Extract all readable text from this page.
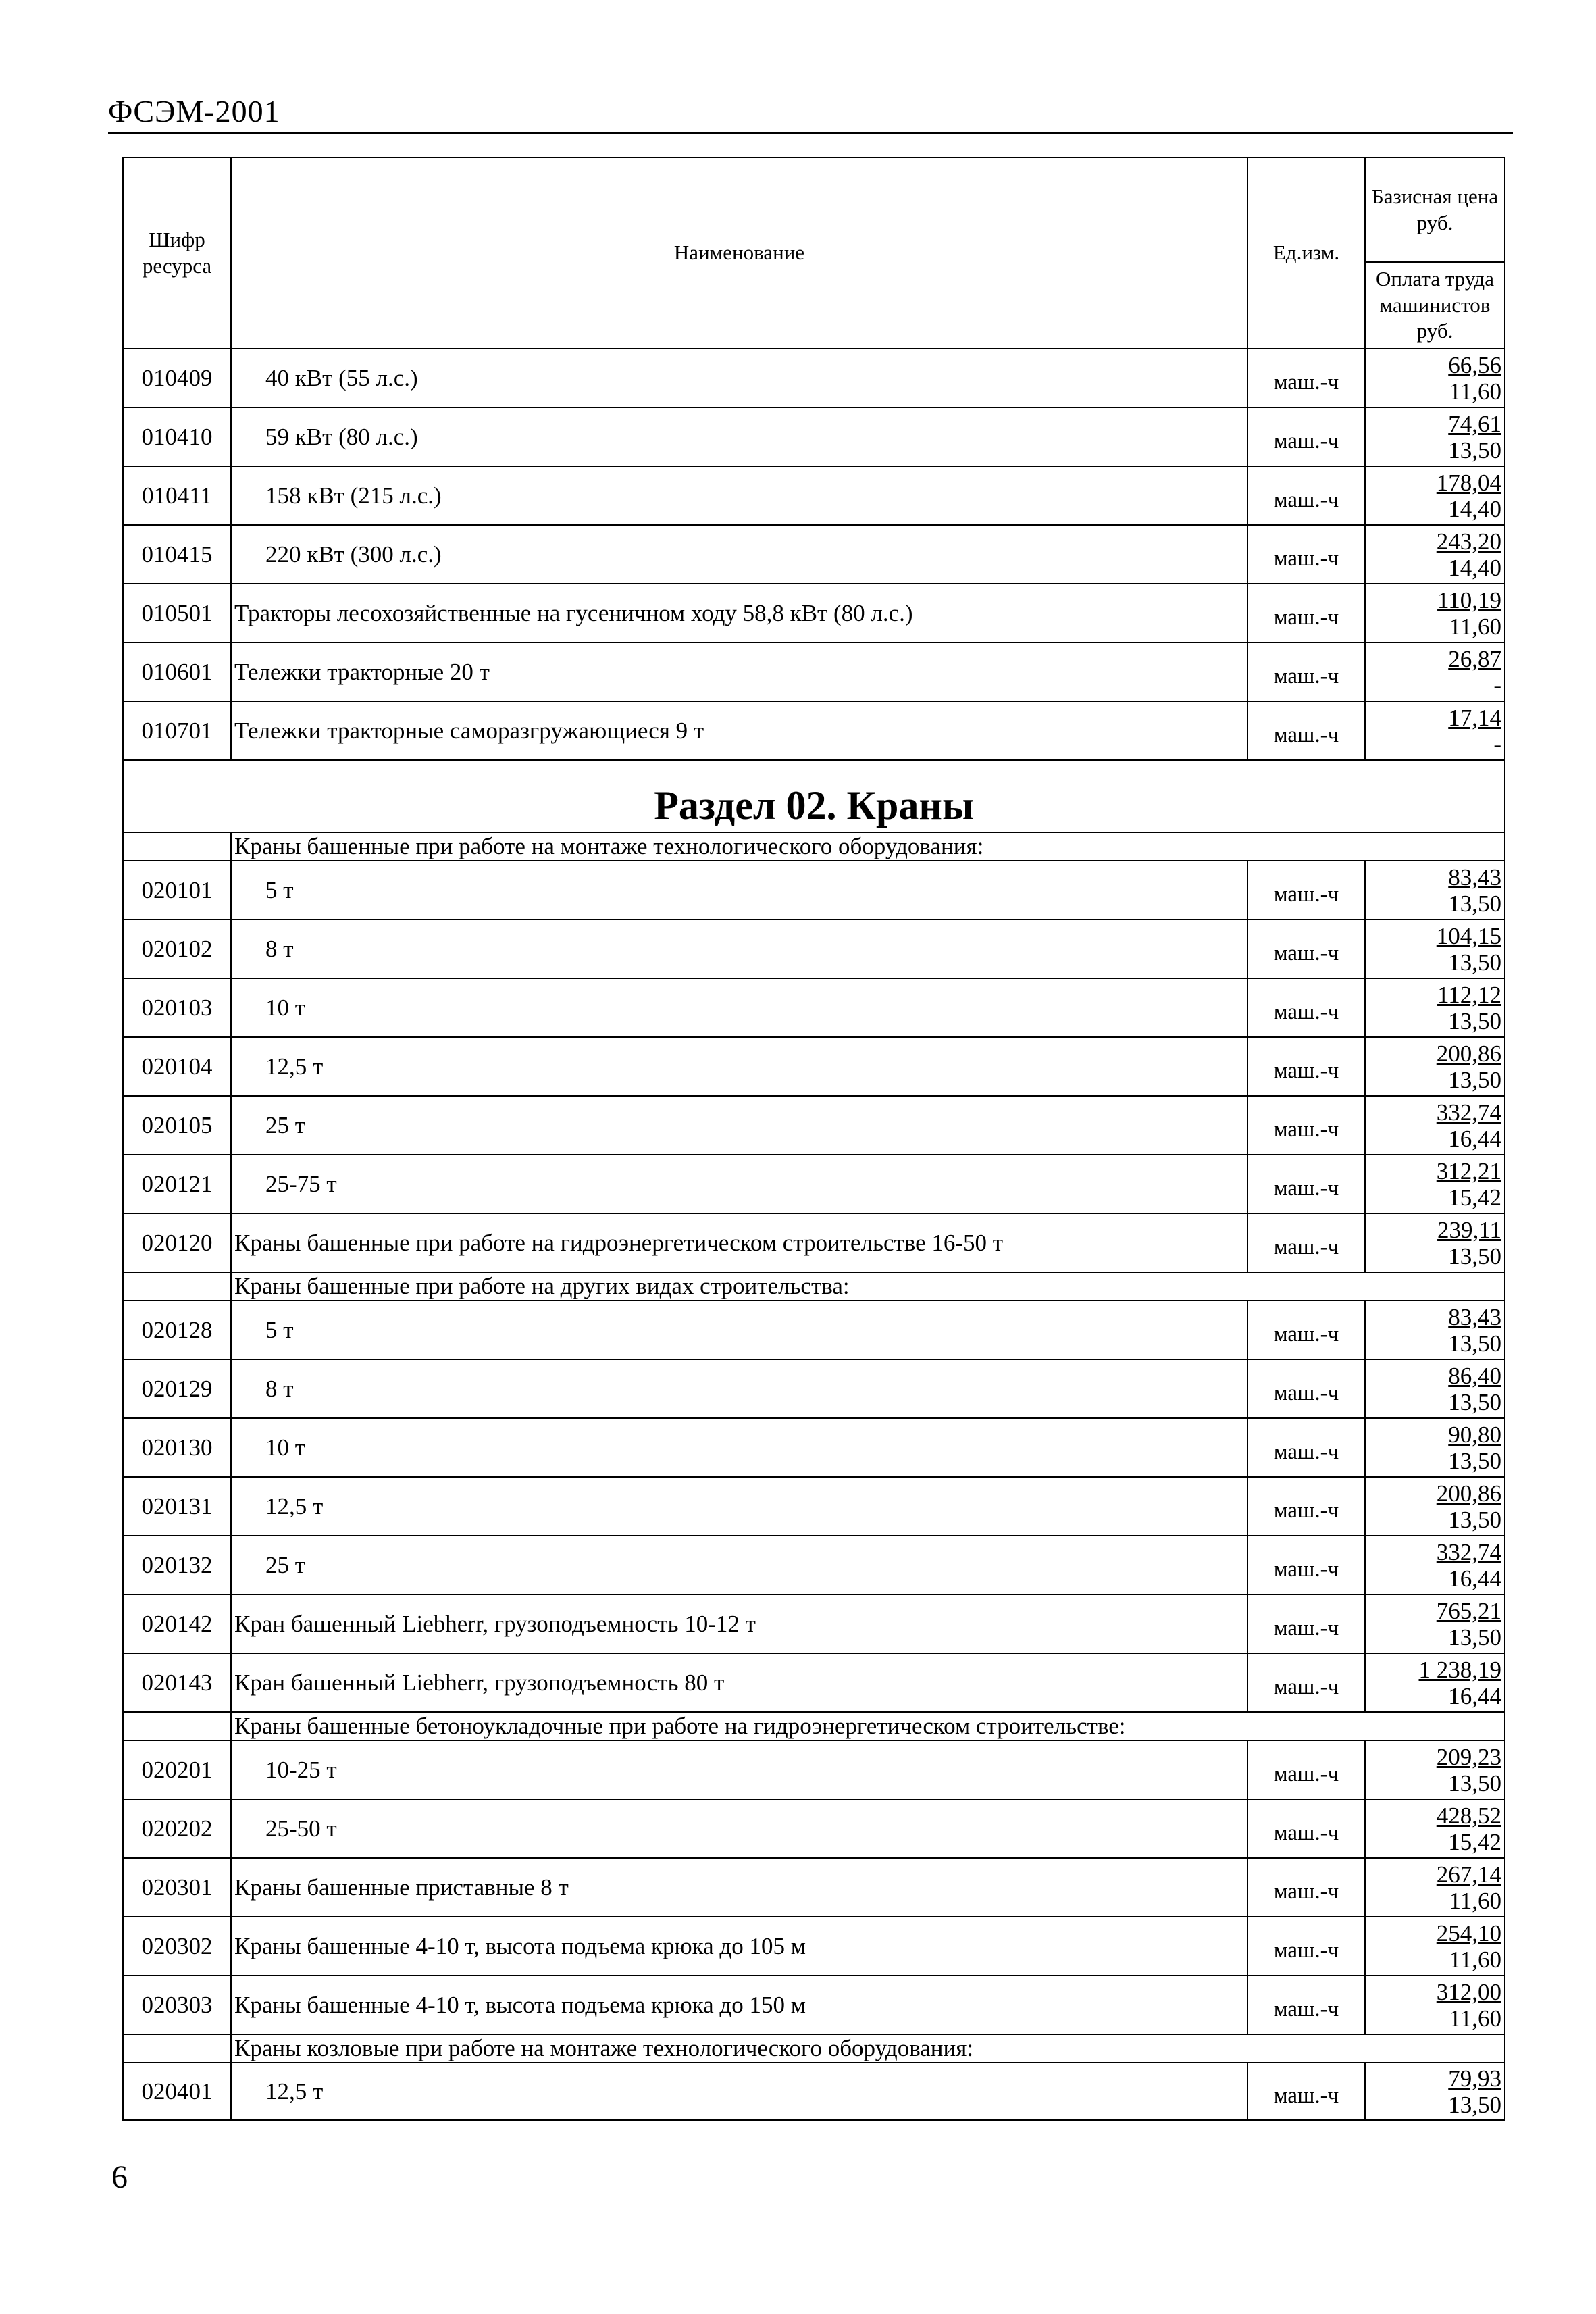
ФСЭМ-2001
Шифр ресурса	Наименование	Ед.изм.	Базисная цена руб.
			Оплата труда машинистов руб.
010409	40 кВт (55 л.с.)	маш.-ч	66,56
11,60

010410	59 кВт (80 л.с.)	маш.-ч	74,61
13,50

010411	158 кВт (215 л.с.)	маш.-ч	178,04
14,40

010415	220 кВт (300 л.с.)	маш.-ч	243,20
14,40

010501	Тракторы лесохозяйственные на гусеничном ходу 58,8 кВт (80 л.с.)	маш.-ч	110,19
11,60

010601	Тележки тракторные 20 т	маш.-ч	26,87
-

010701	Тележки тракторные саморазгружающиеся 9 т	маш.-ч	17,14
-

Раздел 02. Краны			
	Краны башенные при работе на монтаже технологического оборудования:		
020101	5 т	маш.-ч	83,43
13,50

020102	8 т	маш.-ч	104,15
13,50

020103	10 т	маш.-ч	112,12
13,50

020104	12,5 т	маш.-ч	200,86
13,50

020105	25 т	маш.-ч	332,74
16,44

020121	25-75 т	маш.-ч	312,21
15,42

020120	Краны башенные при работе на гидроэнергетическом строительстве 16-50 т	маш.-ч	239,11
13,50

	Краны башенные при работе на других видах строительства:		
020128	5 т	маш.-ч	83,43
13,50

020129	8 т	маш.-ч	86,40
13,50

020130	10 т	маш.-ч	90,80
13,50

020131	12,5 т	маш.-ч	200,86
13,50

020132	25 т	маш.-ч	332,74
16,44

020142	Кран башенный Liebherr, грузоподъемность 10-12 т	маш.-ч	765,21
13,50

020143	Кран башенный Liebherr, грузоподъемность 80 т	маш.-ч	1 238,19
16,44

	Краны башенные бетоноукладочные при работе на гидроэнергетическом строительстве:		
020201	10-25 т	маш.-ч	209,23
13,50

020202	25-50 т	маш.-ч	428,52
15,42

020301	Краны башенные приставные 8 т	маш.-ч	267,14
11,60

020302	Краны башенные 4-10 т, высота подъема крюка до 105 м	маш.-ч	254,10
11,60

020303	Краны башенные 4-10 т, высота подъема крюка до 150 м	маш.-ч	312,00
11,60

	Краны козловые при работе на монтаже технологического оборудования:		
020401	12,5 т	маш.-ч	79,93
13,50
6
